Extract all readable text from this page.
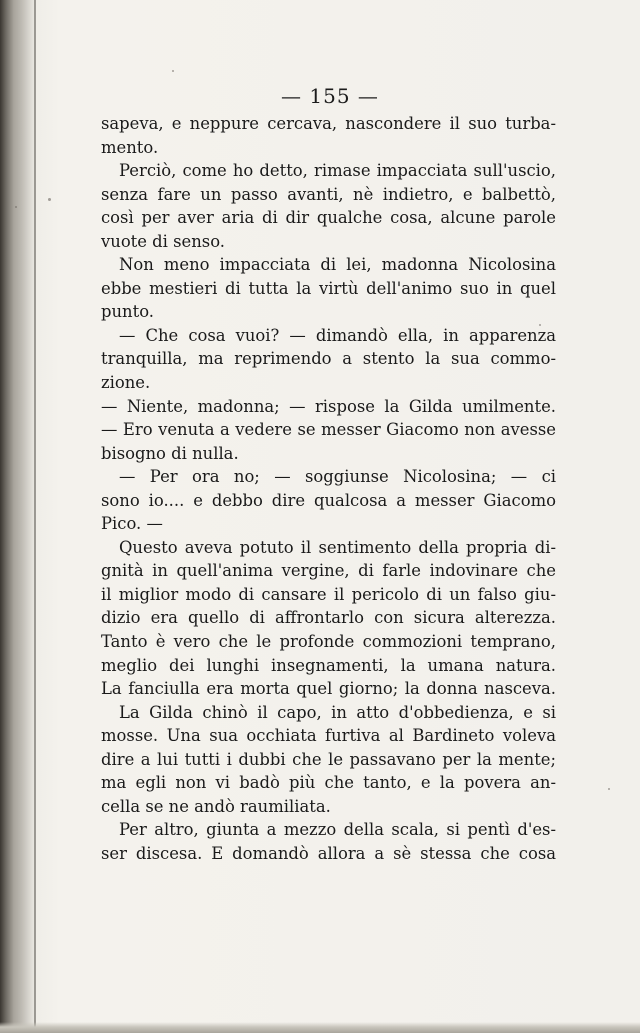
— 155 —
sapeva, e neppure cercava, nascondere il suo turba-
mento.
Perciò, come ho detto, rimase impacciata sull'uscio,
senza fare un passo avanti, nè indietro, e balbettò,
così per aver aria di dir qualche cosa, alcune parole
vuote di senso.
Non meno impacciata di lei, madonna Nicolosina
ebbe mestieri di tutta la virtù dell'animo suo in quel
punto.
— Che cosa vuoi? — dimandò ella, in apparenza
tranquilla, ma reprimendo a stento la sua commo-
zione.
— Niente, madonna; — rispose la Gilda umilmente.
— Ero venuta a vedere se messer Giacomo non avesse
bisogno di nulla.
— Per ora no; — soggiunse Nicolosina; — ci
sono io.... e debbo dire qualcosa a messer Giacomo
Pico. —
Questo aveva potuto il sentimento della propria di-
gnità in quell'anima vergine, di farle indovinare che
il miglior modo di cansare il pericolo di un falso giu-
dizio era quello di affrontarlo con sicura alterezza.
Tanto è vero che le profonde commozioni temprano,
meglio dei lunghi insegnamenti, la umana natura.
La fanciulla era morta quel giorno; la donna nasceva.
La Gilda chinò il capo, in atto d'obbedienza, e si
mosse. Una sua occhiata furtiva al Bardineto voleva
dire a lui tutti i dubbi che le passavano per la mente;
ma egli non vi badò più che tanto, e la povera an-
cella se ne andò raumiliata.
Per altro, giunta a mezzo della scala, si pentì d'es-
ser discesa. E domandò allora a sè stessa che cosa
